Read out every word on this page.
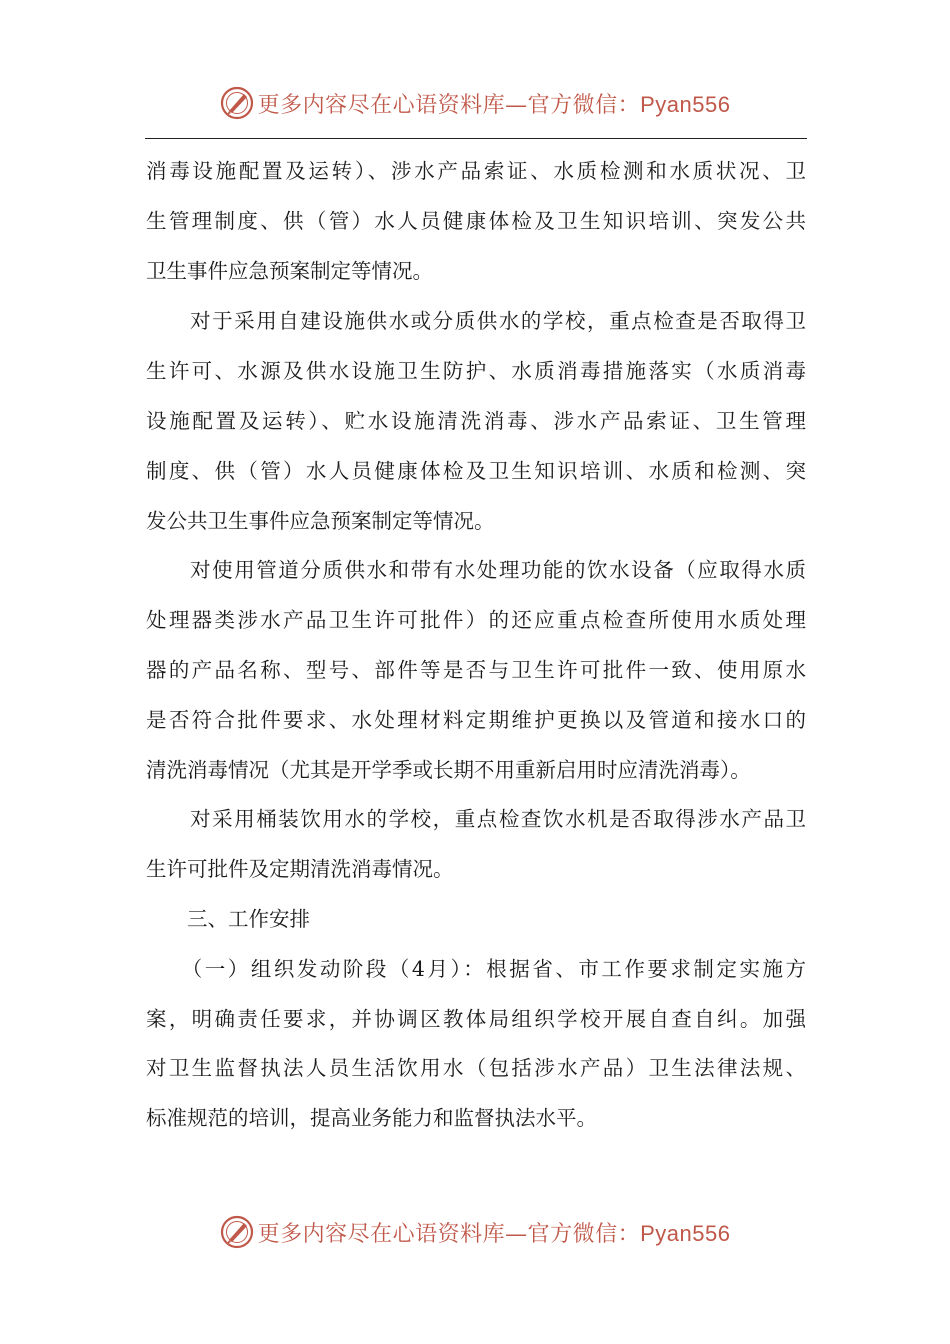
更多内容尽在心语资料库—官方微信：Pyan556
消毒设施配置及运转）、涉水产品索证、水质检测和水质状况、卫
生管理制度、供（管）水人员健康体检及卫生知识培训、突发公共
卫生事件应急预案制定等情况。
　　对于采用自建设施供水或分质供水的学校，重点检查是否取得卫
生许可、水源及供水设施卫生防护、水质消毒措施落实（水质消毒
设施配置及运转）、贮水设施清洗消毒、涉水产品索证、卫生管理
制度、供（管）水人员健康体检及卫生知识培训、水质和检测、突
发公共卫生事件应急预案制定等情况。
　　对使用管道分质供水和带有水处理功能的饮水设备（应取得水质
处理器类涉水产品卫生许可批件）的还应重点检查所使用水质处理
器的产品名称、型号、部件等是否与卫生许可批件一致、使用原水
是否符合批件要求、水处理材料定期维护更换以及管道和接水口的
清洗消毒情况（尤其是开学季或长期不用重新启用时应清洗消毒）。
　　对采用桶装饮用水的学校，重点检查饮水机是否取得涉水产品卫
生许可批件及定期清洗消毒情况。
　　三、工作安排
　　（一）组织发动阶段（4月）：根据省、市工作要求制定实施方
案，明确责任要求，并协调区教体局组织学校开展自查自纠。加强
对卫生监督执法人员生活饮用水（包括涉水产品）卫生法律法规、
标准规范的培训，提高业务能力和监督执法水平。
更多内容尽在心语资料库—官方微信：Pyan556
